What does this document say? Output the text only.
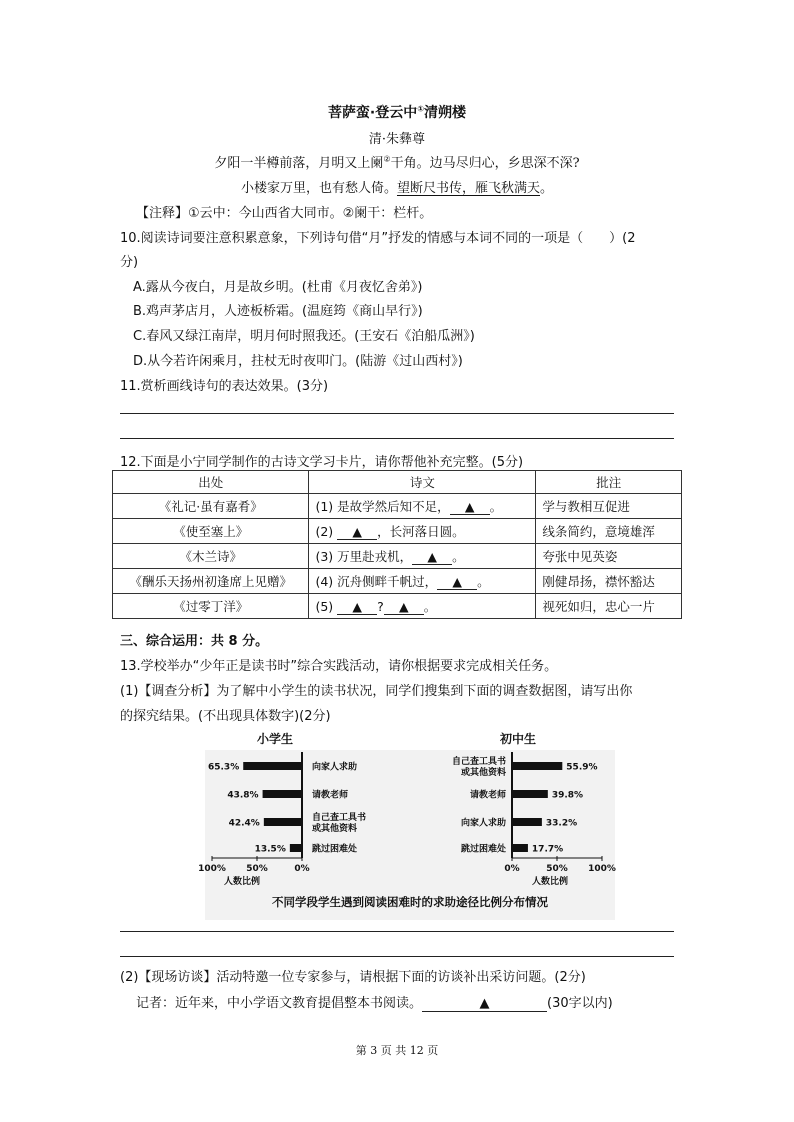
菩萨蛮·登云中①清朔楼
清·朱彝尊
夕阳一半樽前落，月明又上阑②干角。边马尽归心，乡思深不深?
小楼家万里，也有愁人倚。望断尺书传，雁飞秋满天。
【注释】①云中：今山西省大同市。②阑干：栏杆。
10.阅读诗词要注意积累意象，下列诗句借“月”抒发的情感与本词不同的一项是（　　）(2
分)
A.露从今夜白，月是故乡明。(杜甫《月夜忆舍弟》)
B.鸡声茅店月，人迹板桥霜。(温庭筠《商山早行》)
C.春风又绿江南岸，明月何时照我还。(王安石《泊船瓜洲》)
D.从今若许闲乘月，拄杖无时夜叩门。(陆游《过山西村》)
11.赏析画线诗句的表达效果。(3分)
12.下面是小宁同学制作的古诗文学习卡片，请你帮他补充完整。(5分)
出处	诗文	批注
《礼记·虽有嘉肴》	(1) 是故学然后知不足， ▲ 。	学与教相互促进
《使至塞上》	(2) ▲ ，长河落日圆。	线条简约，意境雄浑
《木兰诗》	(3) 万里赴戎机， ▲ 。	夸张中见英姿
《酬乐天扬州初逢席上见赠》	(4) 沉舟侧畔千帆过， ▲ 。	刚健昂扬，襟怀豁达
《过零丁洋》	(5) ▲ ? ▲ 。	视死如归，忠心一片
三、综合运用：共 8 分。
13.学校举办“少年正是读书时”综合实践活动，请你根据要求完成相关任务。
(1)【调查分析】为了解中小学生的读书状况，同学们搜集到下面的调查数据图，请写出你
的探究结果。(不出现具体数字)(2分)
小学生
65.3%	向家人求助
43.8%	请教老师
42.4%
自己查工具书
或其他资料
13.5%	跳过困难处
100% 50%	0%
人数比例
初中生
55.9%
自己查工具书
或其他资料
39.8%
请教老师
33.2%
向家人求助
17.7%
跳过困难处
0%	50% 100%
人数比例
不同学段学生遇到阅读困难时的求助途径比例分布情况
(2)【现场访谈】活动特邀一位专家参与，请根据下面的访谈补出采访问题。(2分)
记者：近年来，中小学语文教育提倡整本书阅读。	▲	(30字以内)
第 3 页 共 12 页
